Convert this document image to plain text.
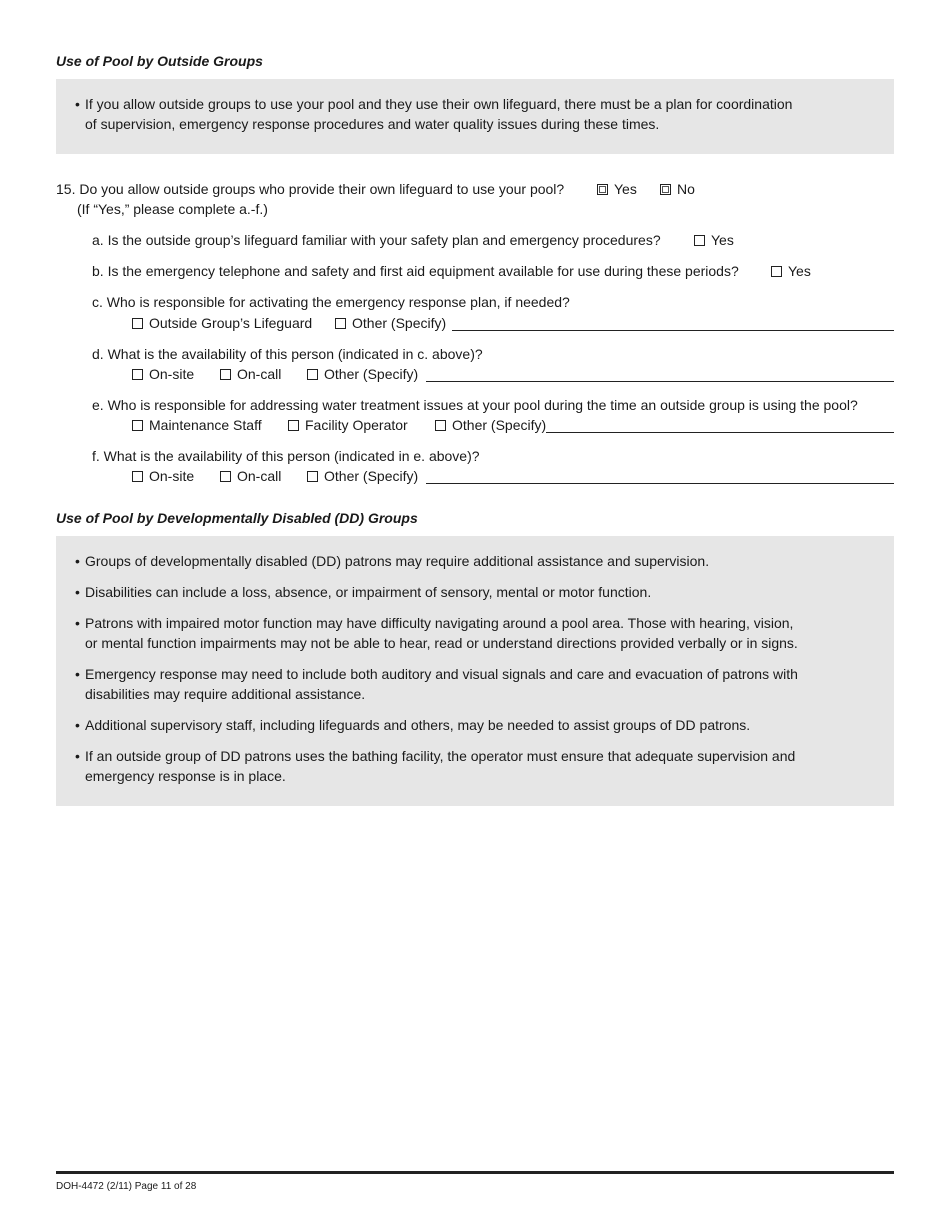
Use of Pool by Outside Groups
• If you allow outside groups to use your pool and they use their own lifeguard, there must be a plan for coordination
of supervision, emergency response procedures and water quality issues during these times.
15. Do you allow outside groups who provide their own lifeguard to use your pool?	Yes	No
(If “Yes,” please complete a.-f.)
a. Is the outside group’s lifeguard familiar with your safety plan and emergency procedures?	Yes
b. Is the emergency telephone and safety and first aid equipment available for use during these periods?	Yes
c. Who is responsible for activating the emergency response plan, if needed?
Outside Group’s Lifeguard	Other (Specify)
d. What is the availability of this person (indicated in c. above)?
On-site	On-call	Other (Specify)
e. Who is responsible for addressing water treatment issues at your pool during the time an outside group is using the pool?
Maintenance Staff	Facility Operator	Other (Specify)
f. What is the availability of this person (indicated in e. above)?
On-site	On-call	Other (Specify)
Use of Pool by Developmentally Disabled (DD) Groups
• Groups of developmentally disabled (DD) patrons may require additional assistance and supervision.
• Disabilities can include a loss, absence, or impairment of sensory, mental or motor function.
• Patrons with impaired motor function may have difficulty navigating around a pool area. Those with hearing, vision,
or mental function impairments may not be able to hear, read or understand directions provided verbally or in signs.
• Emergency response may need to include both auditory and visual signals and care and evacuation of patrons with
disabilities may require additional assistance.
• Additional supervisory staff, including lifeguards and others, may be needed to assist groups of DD patrons.
• If an outside group of DD patrons uses the bathing facility, the operator must ensure that adequate supervision and
emergency response is in place.
DOH-4472 (2/11) Page 11 of 28
